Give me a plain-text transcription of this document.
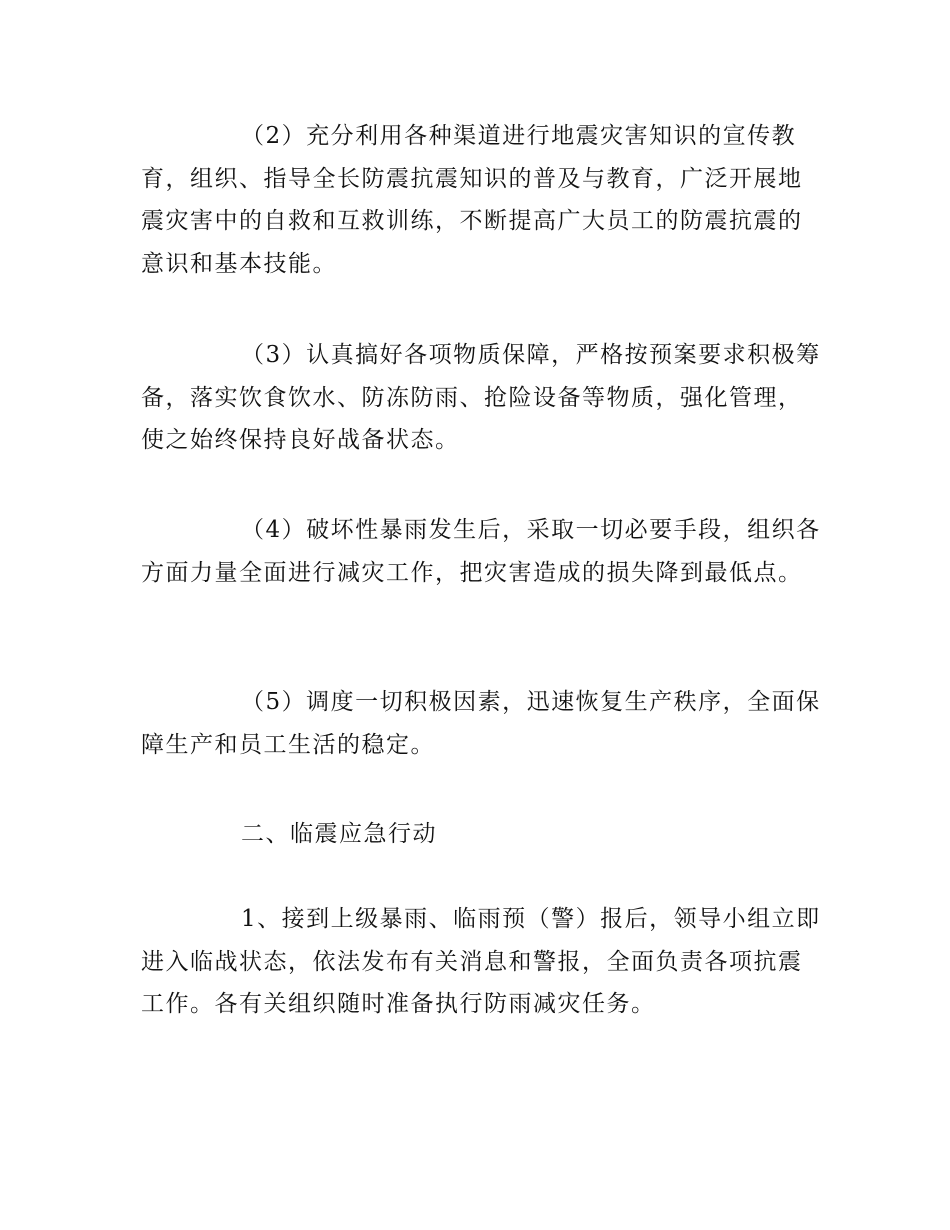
（2）充分利用各种渠道进行地震灾害知识的宣传教育，组织、指导全长防震抗震知识的普及与教育，广泛开展地震灾害中的自救和互救训练，不断提高广大员工的防震抗震的意识和基本技能。

（3）认真搞好各项物质保障，严格按预案要求积极筹备，落实饮食饮水、防冻防雨、抢险设备等物质，强化管理，使之始终保持良好战备状态。

（4）破坏性暴雨发生后，采取一切必要手段，组织各方面力量全面进行减灾工作，把灾害造成的损失降到最低点。

（5）调度一切积极因素，迅速恢复生产秩序，全面保障生产和员工生活的稳定。

二、临震应急行动

1、接到上级暴雨、临雨预（警）报后，领导小组立即进入临战状态，依法发布有关消息和警报，全面负责各项抗震工作。各有关组织随时准备执行防雨减灾任务。
